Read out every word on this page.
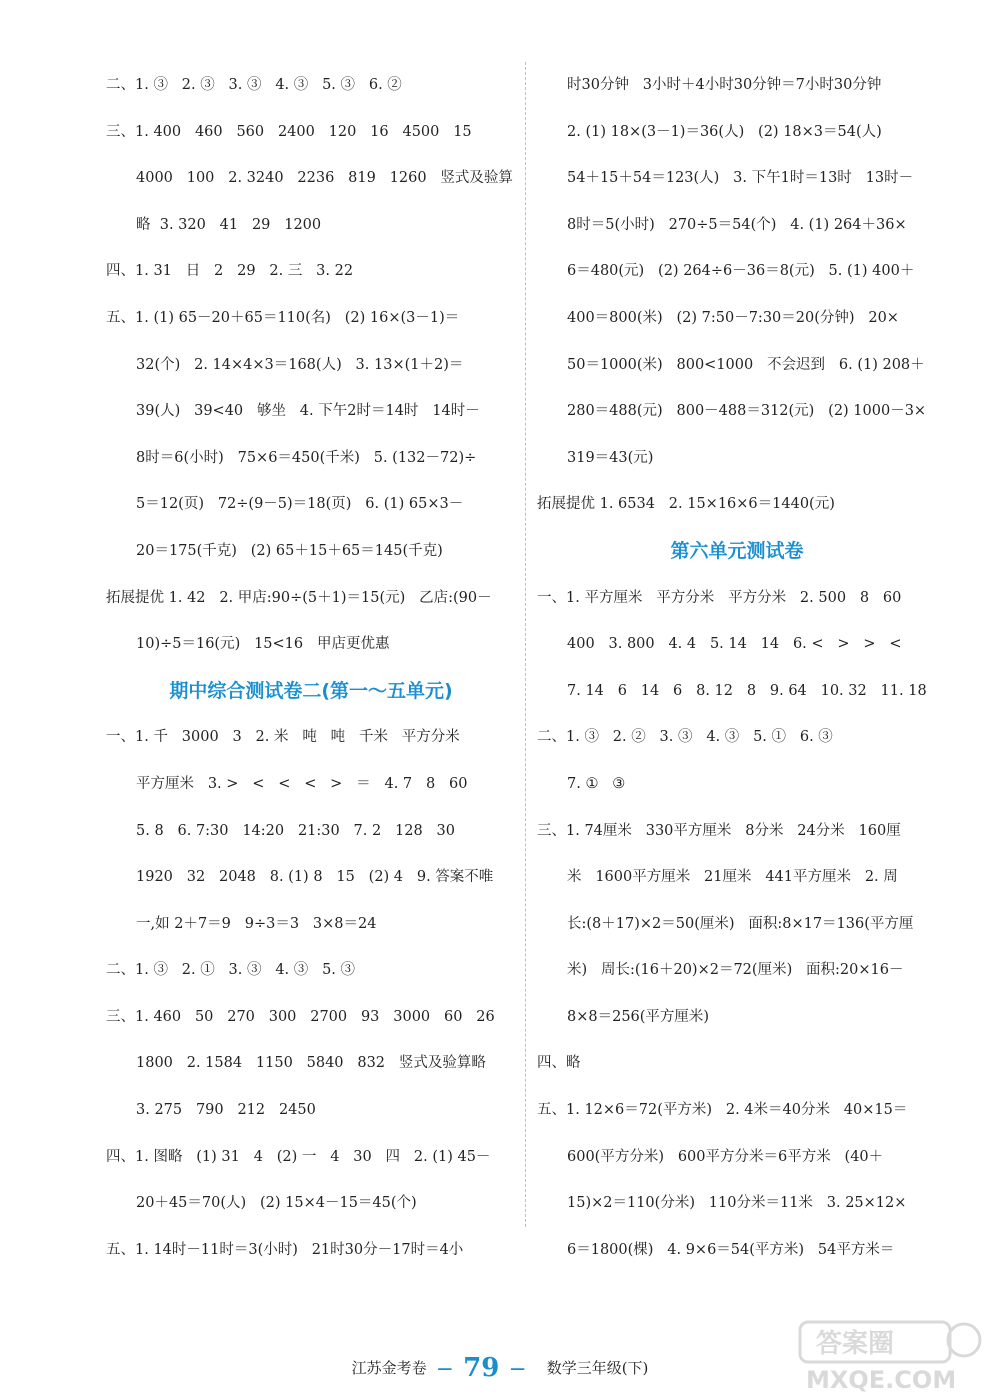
二、1. ③   2. ③   3. ③   4. ③   5. ③   6. ②
三、1. 400   460   560   2400   120   16   4500   15
4000   100   2. 3240   2236   819   1260   竖式及验算
略  3. 320   41   29   1200
四、1. 31   日   2   29   2. 三   3. 22
五、1. (1) 65－20＋65＝110(名)   (2) 16×(3－1)＝
32(个)   2. 14×4×3＝168(人)   3. 13×(1＋2)＝
39(人)   39<40   够坐   4. 下午2时＝14时   14时－
8时＝6(小时)   75×6＝450(千米)   5. (132－72)÷
5＝12(页)   72÷(9－5)＝18(页)   6. (1) 65×3－
20＝175(千克)   (2) 65＋15＋65＝145(千克)
拓展提优 1. 42   2. 甲店:90÷(5＋1)＝15(元)   乙店:(90－
10)÷5＝16(元)   15<16   甲店更优惠
期中综合测试卷二(第一～五单元)
一、1. 千   3000   3   2. 米   吨   吨   千米   平方分米
平方厘米   3. >   <   <   <   >   ＝   4. 7   8   60
5. 8   6. 7:30   14:20   21:30   7. 2   128   30
1920   32   2048   8. (1) 8   15   (2) 4   9. 答案不唯
一,如 2＋7＝9   9÷3＝3   3×8＝24
二、1. ③   2. ①   3. ③   4. ③   5. ③
三、1. 460   50   270   300   2700   93   3000   60   26
1800   2. 1584   1150   5840   832   竖式及验算略
3. 275   790   212   2450
四、1. 图略   (1) 31   4   (2) 一   4   30   四   2. (1) 45－
20＋45＝70(人)   (2) 15×4－15＝45(个)
五、1. 14时－11时＝3(小时)   21时30分－17时＝4小
时30分钟   3小时＋4小时30分钟＝7小时30分钟
2. (1) 18×(3－1)＝36(人)   (2) 18×3＝54(人)
54＋15＋54＝123(人)   3. 下午1时＝13时   13时－
8时＝5(小时)   270÷5＝54(个)   4. (1) 264＋36×
6＝480(元)   (2) 264÷6－36＝8(元)   5. (1) 400＋
400＝800(米)   (2) 7:50－7:30＝20(分钟)   20×
50＝1000(米)   800<1000   不会迟到   6. (1) 208＋
280＝488(元)   800－488＝312(元)   (2) 1000－3×
319＝43(元)
拓展提优 1. 6534   2. 15×16×6＝1440(元)
第六单元测试卷
一、1. 平方厘米   平方分米   平方分米   2. 500   8   60
400   3. 800   4. 4   5. 14   14   6. <   >   >   <
7. 14   6   14   6   8. 12   8   9. 64   10. 32   11. 18
二、1. ③   2. ②   3. ③   4. ③   5. ①   6. ③
7. ①   ③
三、1. 74厘米   330平方厘米   8分米   24分米   160厘
米   1600平方厘米   21厘米   441平方厘米   2. 周
长:(8＋17)×2＝50(厘米)   面积:8×17＝136(平方厘
米)   周长:(16＋20)×2＝72(厘米)   面积:20×16－
8×8＝256(平方厘米)
四、略
五、1. 12×6＝72(平方米)   2. 4米＝40分米   40×15＝
600(平方分米)   600平方分米＝6平方米   (40＋
15)×2＝110(分米)   110分米＝11米   3. 25×12×
6＝1800(棵)   4. 9×6＝54(平方米)   54平方米＝
江苏金考卷 — 79 — 数学三年级(下)
答案圈
MXQE.COM
